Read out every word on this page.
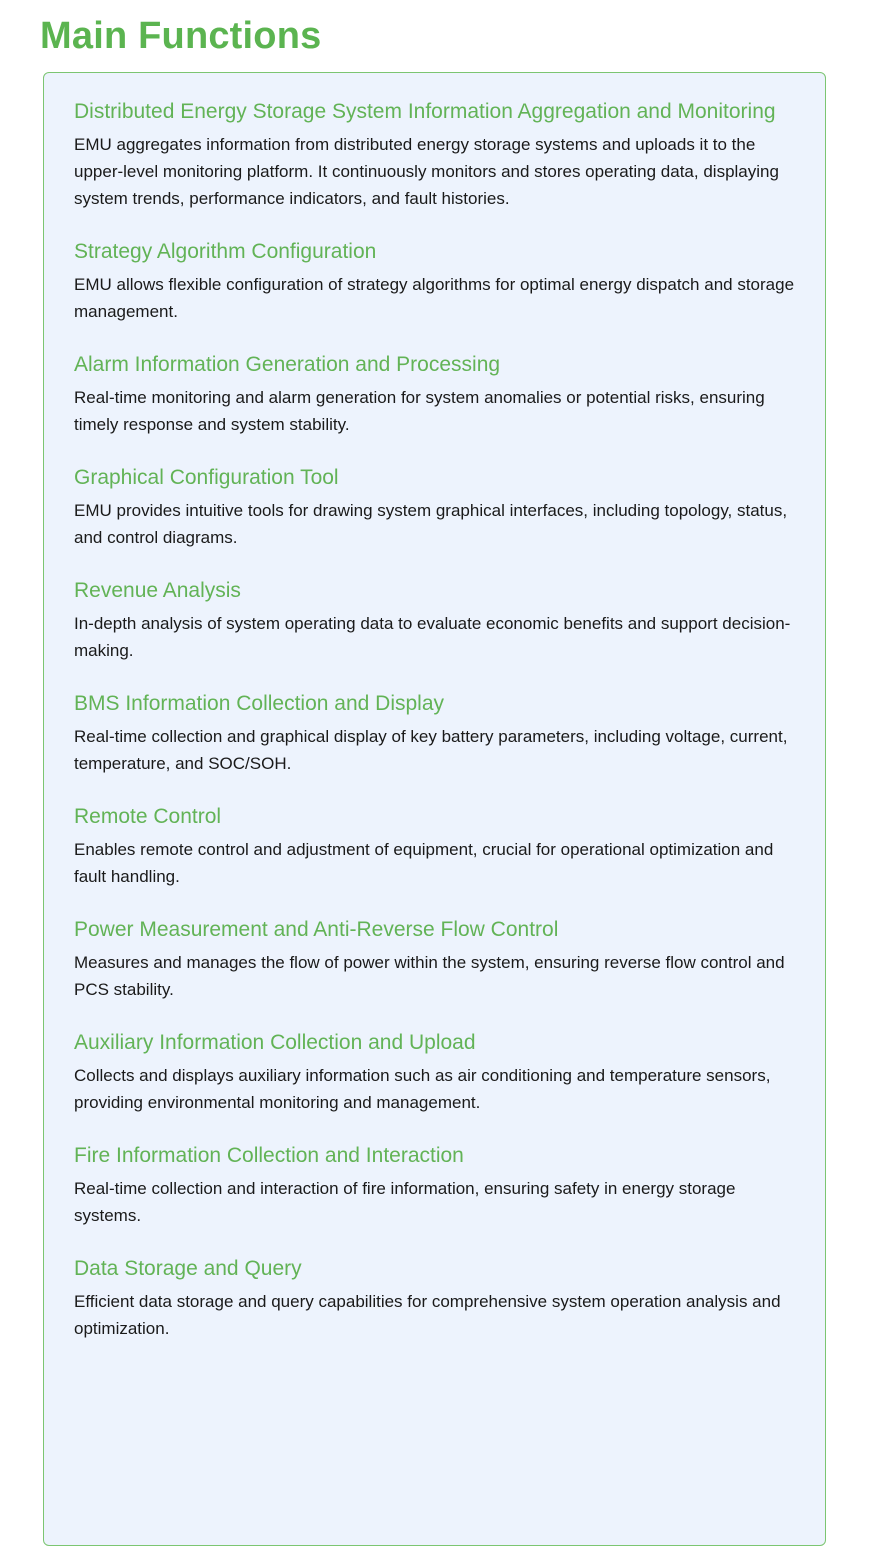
Main Functions
Distributed Energy Storage System Information Aggregation and Monitoring

EMU aggregates information from distributed energy storage systems and uploads it to the upper-level monitoring platform. It continuously monitors and stores operating data, displaying system trends, performance indicators, and fault histories.

Strategy Algorithm Configuration

EMU allows flexible configuration of strategy algorithms for optimal energy dispatch and storage management.

Alarm Information Generation and Processing

Real-time monitoring and alarm generation for system anomalies or potential risks, ensuring timely response and system stability.

Graphical Configuration Tool

EMU provides intuitive tools for drawing system graphical interfaces, including topology, status, and control diagrams.

Revenue Analysis

In-depth analysis of system operating data to evaluate economic benefits and support decision-making.

BMS Information Collection and Display

Real-time collection and graphical display of key battery parameters, including voltage, current, temperature, and SOC/SOH.

Remote Control

Enables remote control and adjustment of equipment, crucial for operational optimization and fault handling.

Power Measurement and Anti-Reverse Flow Control

Measures and manages the flow of power within the system, ensuring reverse flow control and PCS stability.

Auxiliary Information Collection and Upload

Collects and displays auxiliary information such as air conditioning and temperature sensors, providing environmental monitoring and management.

Fire Information Collection and Interaction

Real-time collection and interaction of fire information, ensuring safety in energy storage systems.

Data Storage and Query

Efficient data storage and query capabilities for comprehensive system operation analysis and optimization.
